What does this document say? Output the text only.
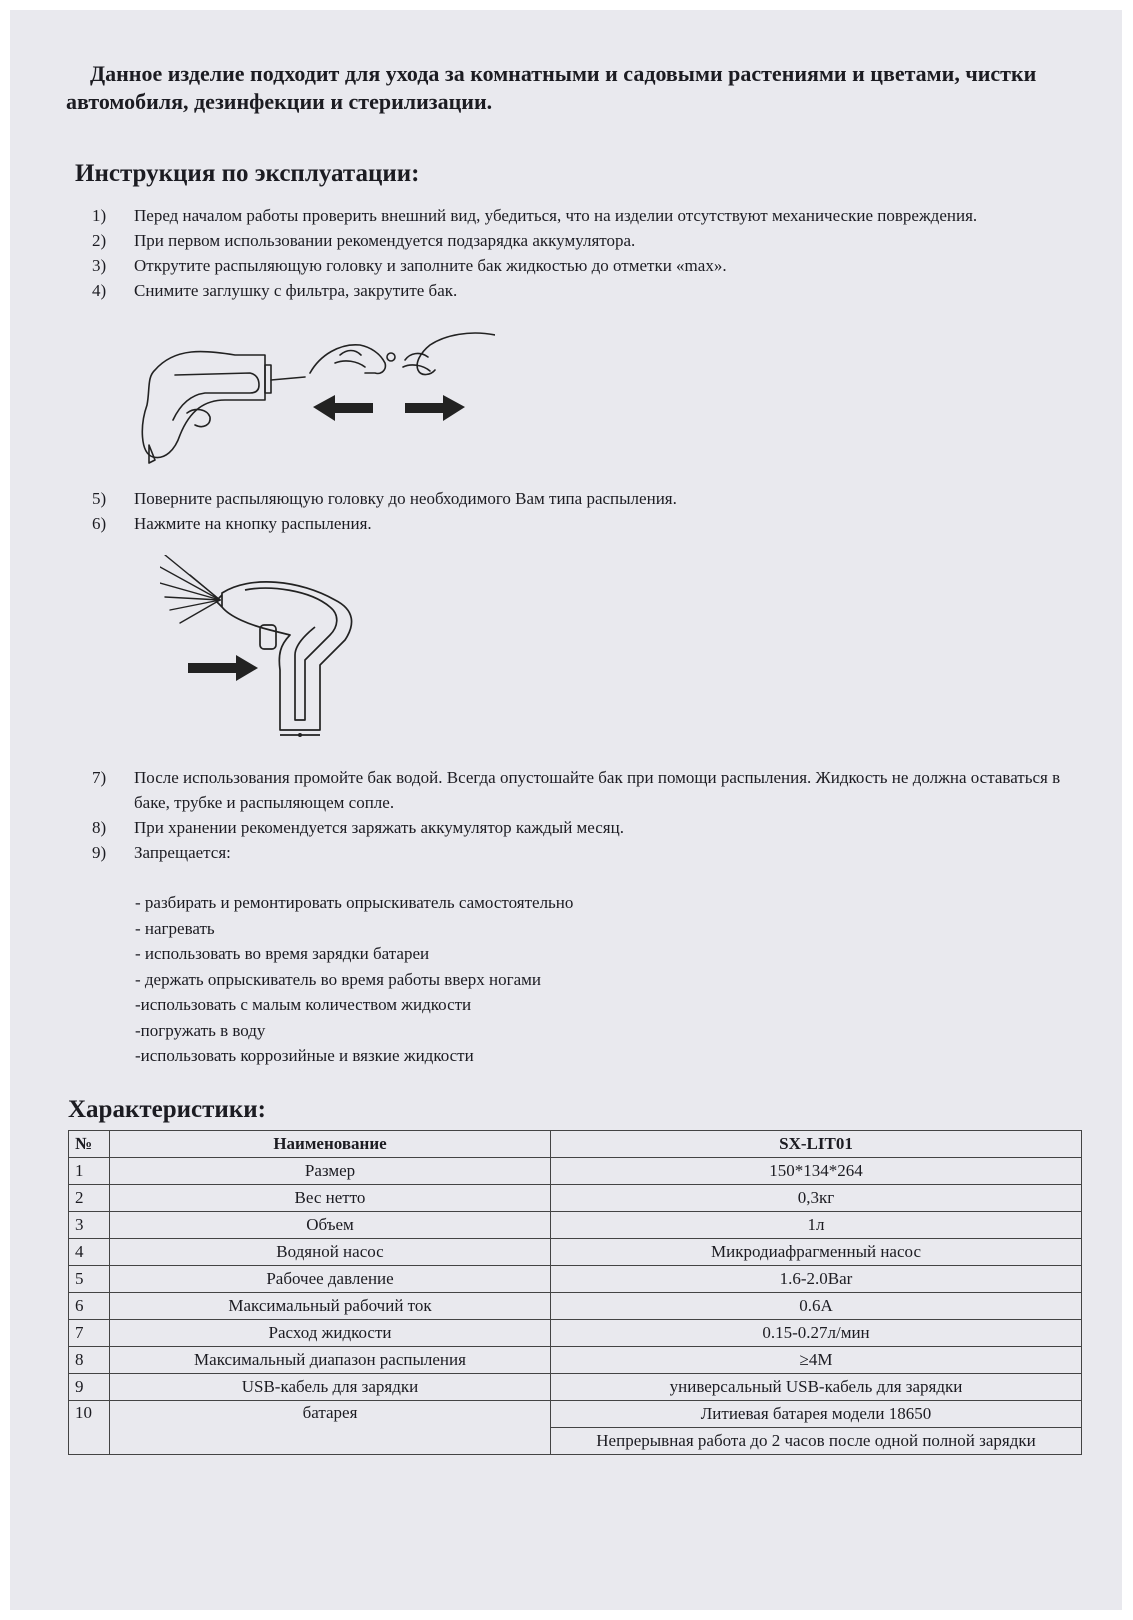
Данное изделие подходит для ухода за комнатными и садовыми растениями и цветами, чистки автомобиля, дезинфекции и стерилизации.

Инструкция по эксплуатации:
1) Перед началом работы проверить внешний вид, убедиться, что на изделии отсутствуют механические повреждения.
2) При первом использовании рекомендуется подзарядка аккумулятора.
3) Открутите распыляющую головку и заполните бак жидкостью до отметки «max».
4) Снимите заглушку с фильтра, закрутите бак.
5) Поверните распыляющую головку до необходимого Вам типа распыления.
6) Нажмите на кнопку распыления.
7) После использования промойте бак водой. Всегда опустошайте бак при помощи распыления. Жидкость не должна оставаться в баке, трубке и распыляющем сопле.
8) При хранении рекомендуется заряжать аккумулятор каждый месяц.
9) Запрещается:
- разбирать и ремонтировать опрыскиватель самостоятельно
- нагревать
- использовать во время зарядки батареи
- держать опрыскиватель во время работы вверх ногами
-использовать с малым количеством жидкости
-погружать в воду
-использовать коррозийные и вязкие жидкости
Характеристики:
№	Наименование	SX-LIT01
1	Размер	150*134*264
2	Вес нетто	0,3кг
3	Объем	1л
4	Водяной насос	Микродиафрагменный насос
5	Рабочее давление	1.6-2.0Bar
6	Максимальный рабочий ток	0.6A
7	Расход жидкости	0.15-0.27л/мин
8	Максимальный диапазон распыления	≥4M
9	USB-кабель для зарядки	универсальный USB-кабель для зарядки
10	батарея	Литиевая батарея модели 18650
		Непрерывная работа до 2 часов после одной полной зарядки
